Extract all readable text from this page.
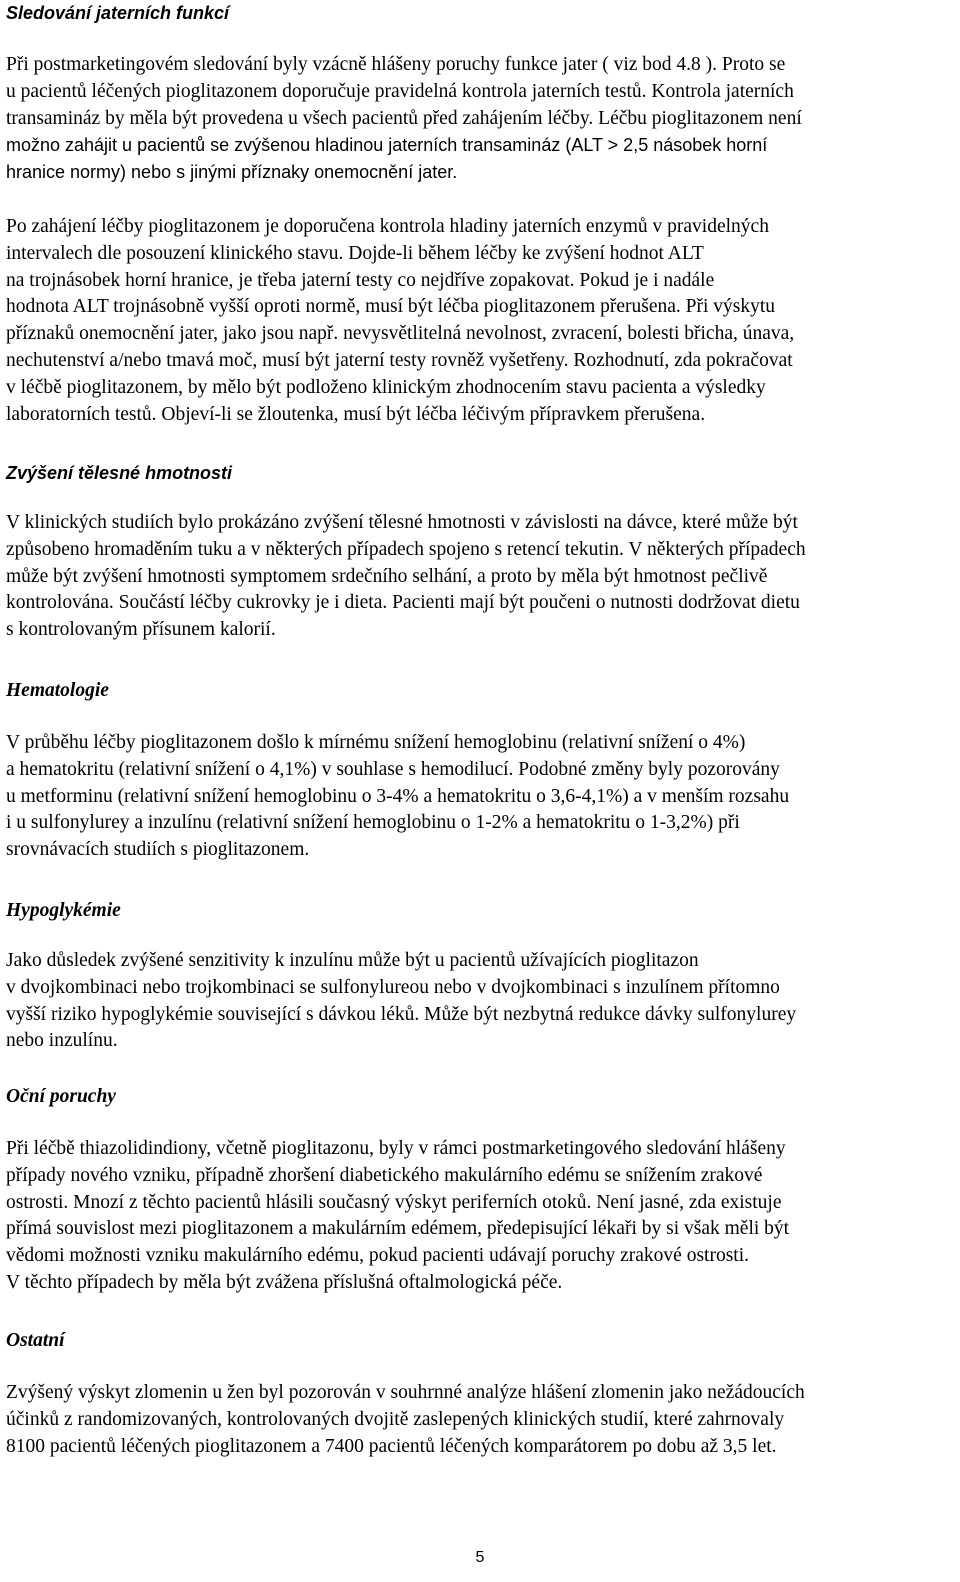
Sledování jaterních funkcí

Při postmarketingovém sledování byly vzácně hlášeny poruchy funkce jater ( viz bod 4.8 ). Proto se
u pacientů léčených pioglitazonem doporučuje pravidelná kontrola jaterních testů. Kontrola jaterních
transamináz by měla být provedena u všech pacientů před zahájením léčby. Léčbu pioglitazonem není
možno zahájit u pacientů se zvýšenou hladinou jaterních transamináz (ALT > 2,5 násobek horní
hranice normy) nebo s jinými příznaky onemocnění jater.

Po zahájení léčby pioglitazonem je doporučena kontrola hladiny jaterních enzymů v pravidelných
intervalech dle posouzení klinického stavu. Dojde-li během léčby ke zvýšení hodnot ALT
na trojnásobek horní hranice, je třeba jaterní testy co nejdříve zopakovat. Pokud je i nadále
hodnota ALT trojnásobně vyšší oproti normě, musí být léčba pioglitazonem přerušena. Při výskytu
příznaků onemocnění jater, jako jsou např. nevysvětlitelná nevolnost, zvracení, bolesti břicha, únava,
nechutenství a/nebo tmavá moč, musí být jaterní testy rovněž vyšetřeny. Rozhodnutí, zda pokračovat
v léčbě pioglitazonem, by mělo být podloženo klinickým zhodnocením stavu pacienta a výsledky
laboratorních testů. Objeví-li se žloutenka, musí být léčba léčivým přípravkem přerušena.

Zvýšení tělesné hmotnosti

V klinických studiích bylo prokázáno zvýšení tělesné hmotnosti v závislosti na dávce, které může být
způsobeno hromaděním tuku a v některých případech spojeno s retencí tekutin. V některých případech
může být zvýšení hmotnosti symptomem srdečního selhání, a proto by měla být hmotnost pečlivě
kontrolována. Součástí léčby cukrovky je i dieta. Pacienti mají být poučeni o nutnosti dodržovat dietu
s kontrolovaným přísunem kalorií.

Hematologie

V průběhu léčby pioglitazonem došlo k mírnému snížení hemoglobinu (relativní snížení o 4%)
a hematokritu (relativní snížení o 4,1%) v souhlase s hemodilucí. Podobné změny byly pozorovány
u metforminu (relativní snížení hemoglobinu o 3-4% a hematokritu o 3,6-4,1%) a v menším rozsahu
i u sulfonylurey a inzulínu (relativní snížení hemoglobinu o 1-2% a hematokritu o 1-3,2%) při
srovnávacích studiích s pioglitazonem.

Hypoglykémie

Jako důsledek zvýšené senzitivity k inzulínu může být u pacientů užívajících pioglitazon
v dvojkombinaci nebo trojkombinaci se sulfonylureou nebo v dvojkombinaci s inzulínem přítomno
vyšší riziko hypoglykémie související s dávkou léků. Může být nezbytná redukce dávky sulfonylurey
nebo inzulínu.

Oční poruchy

Při léčbě thiazolidindiony, včetně pioglitazonu, byly v rámci postmarketingového sledování hlášeny
případy nového vzniku, případně zhoršení diabetického makulárního edému se snížením zrakové
ostrosti. Mnozí z těchto pacientů hlásili současný výskyt periferních otoků. Není jasné, zda existuje
přímá souvislost mezi pioglitazonem a makulárním edémem, předepisující lékaři by si však měli být
vědomi možnosti vzniku makulárního edému, pokud pacienti udávají poruchy zrakové ostrosti.
V těchto případech by měla být zvážena příslušná oftalmologická péče.

Ostatní

Zvýšený výskyt zlomenin u žen byl pozorován v souhrnné analýze hlášení zlomenin jako nežádoucích
účinků z randomizovaných, kontrolovaných dvojitě zaslepených klinických studií, které zahrnovaly
8100 pacientů léčených pioglitazonem a 7400 pacientů léčených komparátorem po dobu až 3,5 let.

5
